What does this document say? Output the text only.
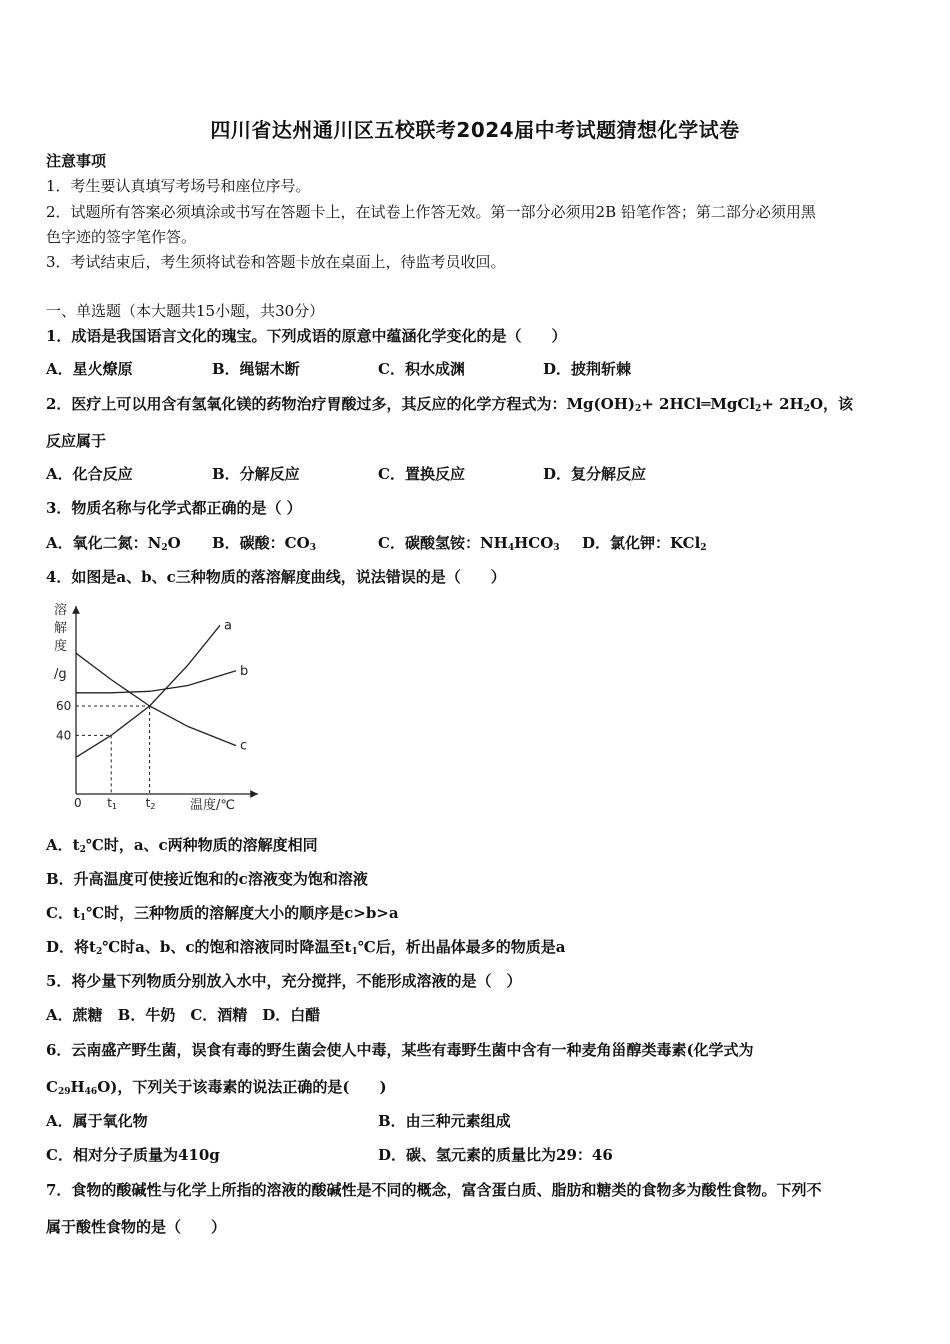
四川省达州通川区五校联考2024届中考试题猜想化学试卷
注意事项
1．考生要认真填写考场号和座位序号。
2．试题所有答案必须填涂或书写在答题卡上，在试卷上作答无效。第一部分必须用2B 铅笔作答；第二部分必须用黑
色字迹的签字笔作答。
3．考试结束后，考生须将试卷和答题卡放在桌面上，待监考员收回。
一、单选题（本大题共15小题，共30分）
1．成语是我国语言文化的瑰宝。下列成语的原意中蕴涵化学变化的是（　　）
A．星火燎原	B．绳锯木断	C．积水成渊	D．披荆斩棘
2．医疗上可以用含有氢氧化镁的药物治疗胃酸过多，其反应的化学方程式为：$Mg(OH)_2+$ 2HCl═MgCl$_2$+ $2H_2O$，该
反应属于
A．化合反应	B．分解反应	C．置换反应	D．复分解反应
3．物质名称与化学式都正确的是（ ）
A．氧化二氮：$N_2O$ B．碳酸：$CO_3$	C．碳酸氢铵：$NH_4HCO_3$ D．氯化钾：KCl$_2$
4．如图是a、b、c三种物质的落溶解度曲线，说法错误的是（　　）
溶
解
度
/g
温度/℃
0
40
60
t1 t2
a
b
c
A．$t_2℃$时，a、c两种物质的溶解度相同
B．升高温度可使接近饱和的c溶液变为饱和溶液
C．$t_1℃$时，三种物质的溶解度大小的顺序是c>b>a
D．将$t_2℃$时a、b、c的饱和溶液同时降温至$t_1℃$后，析出晶体最多的物质是a
5．将少量下列物质分别放入水中，充分搅拌，不能形成溶液的是（　）
A．蔗糖　B．牛奶　C．酒精　D．白醋
6．云南盛产野生菌，误食有毒的野生菌会使人中毒，某些有毒野生菌中含有一种麦角甾醇类毒素(化学式为
$C_{29}H_{46}O$)，下列关于该毒素的说法正确的是(　　)
A．属于氧化物	B．由三种元素组成
C．相对分子质量为410g	D．碳、氢元素的质量比为29：46
7．食物的酸碱性与化学上所指的溶液的酸碱性是不同的概念，富含蛋白质、脂肪和糖类的食物多为酸性食物。下列不
属于酸性食物的是（　　）
